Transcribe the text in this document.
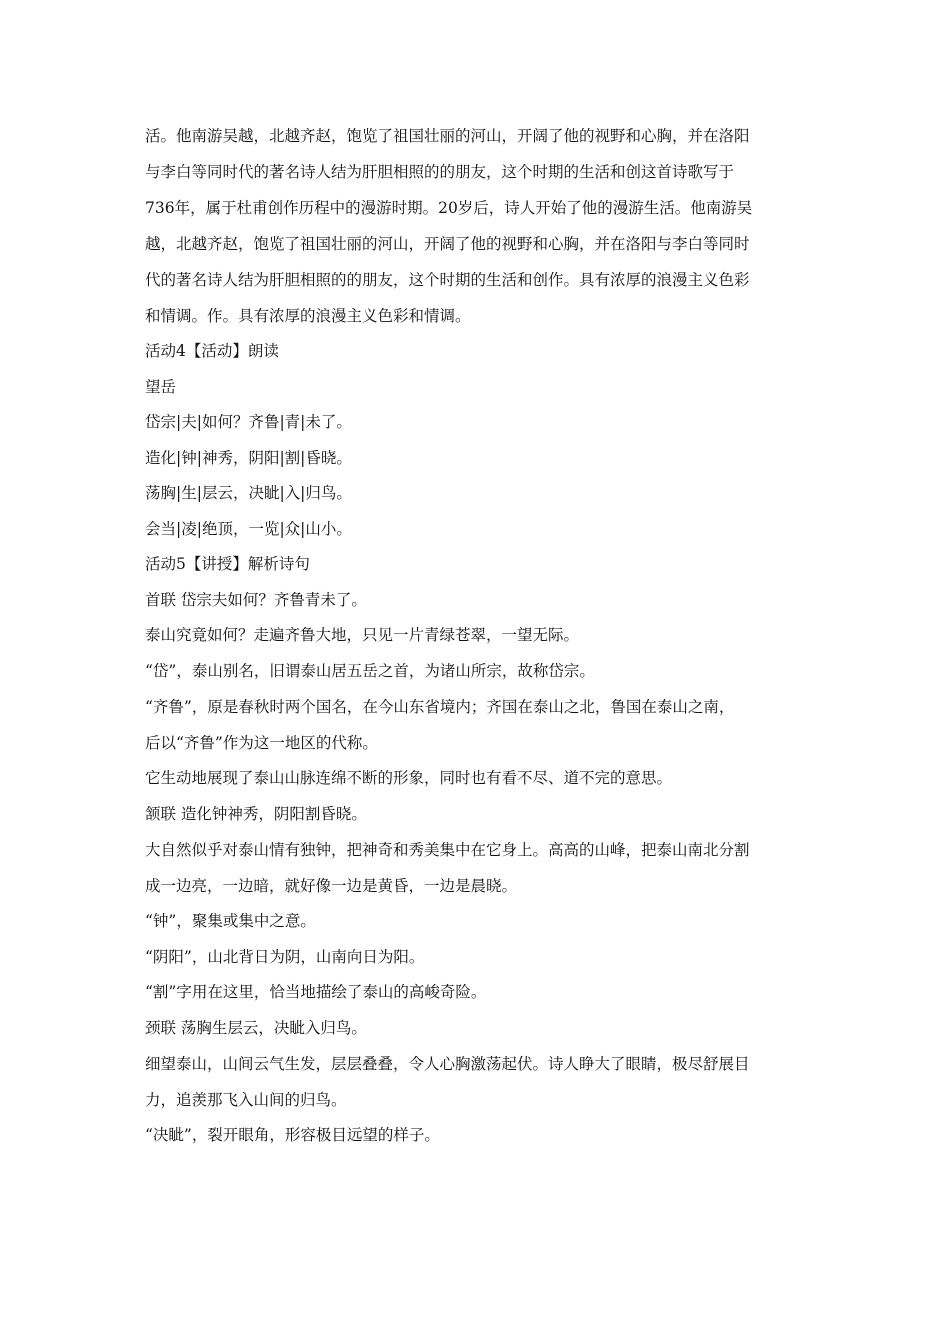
活。他南游吴越，北越齐赵，饱览了祖国壮丽的河山，开阔了他的视野和心胸，并在洛阳
与李白等同时代的著名诗人结为肝胆相照的的朋友，这个时期的生活和创这首诗歌写于
736年，属于杜甫创作历程中的漫游时期。20岁后，诗人开始了他的漫游生活。他南游吴
越，北越齐赵，饱览了祖国壮丽的河山，开阔了他的视野和心胸，并在洛阳与李白等同时
代的著名诗人结为肝胆相照的的朋友，这个时期的生活和创作。具有浓厚的浪漫主义色彩
和情调。作。具有浓厚的浪漫主义色彩和情调。

活动4【活动】朗读

望岳

岱宗|夫|如何？齐鲁|青|未了。

造化|钟|神秀，阴阳|割|昏晓。

荡胸|生|层云，决眦|入|归鸟。

会当|凌|绝顶，一览|众|山小。

活动5【讲授】解析诗句

首联 岱宗夫如何？齐鲁青未了。

泰山究竟如何？走遍齐鲁大地，只见一片青绿苍翠，一望无际。

“岱”，泰山别名，旧谓泰山居五岳之首，为诸山所宗，故称岱宗。

“齐鲁”，原是春秋时两个国名，在今山东省境内；齐国在泰山之北，鲁国在泰山之南，
后以“齐鲁”作为这一地区的代称。

它生动地展现了泰山山脉连绵不断的形象，同时也有看不尽、道不完的意思。

颔联 造化钟神秀，阴阳割昏晓。

大自然似乎对泰山情有独钟，把神奇和秀美集中在它身上。高高的山峰，把泰山南北分割
成一边亮，一边暗，就好像一边是黄昏，一边是晨晓。

“钟”，聚集或集中之意。

“阴阳”，山北背日为阴，山南向日为阳。

“割”字用在这里，恰当地描绘了泰山的高峻奇险。

颈联 荡胸生层云，决眦入归鸟。

细望泰山，山间云气生发，层层叠叠，令人心胸激荡起伏。诗人睁大了眼睛，极尽舒展目
力，追羡那飞入山间的归鸟。

“决眦”，裂开眼角，形容极目远望的样子。
